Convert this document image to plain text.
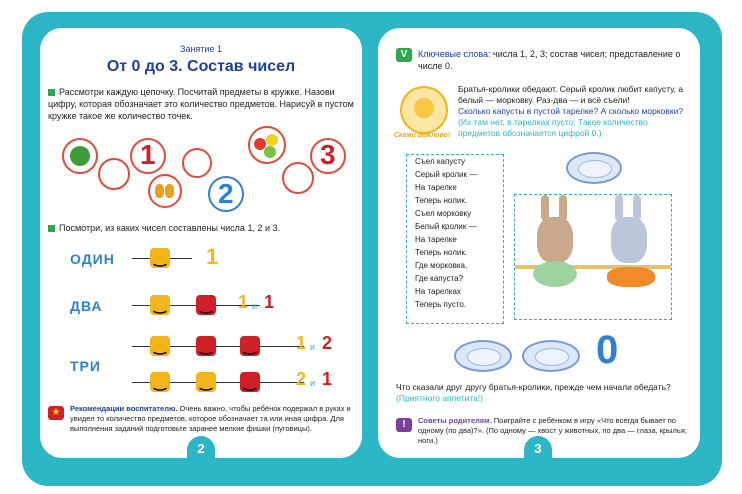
Занятие 1
От 0 до 3. Состав чисел
Рассмотри каждую цепочку. Посчитай предметы в кружке. Назови цифру, которая обозначает это количество предметов. Нарисуй в пустом кружке такое же количество точек.
1
2
3
Посмотри, из каких чисел составлены числа 1, 2 и 3.
ОДИН	‿ 1
ДВА	‿	‿ 1 и 1
ТРИ
‿	‿	‿ 1 и 2
‿	‿	‿ 2 и 1
★	Рекомендации воспитателю. Очень важно, чтобы ребёнок подержал в руках и увидел то количество предметов, которое обозначает та или иная цифра. Для выполнения заданий подготовьте заранее мелкие фишки (пуговицы).
2
V	Ключевые слова: числа 1, 2, 3; состав чисел; представление о числе 0.
Скажи вежливо!
Братья-кролики обедают. Серый кролик любит капусту, а белый — морковку. Раз-два — и всё съели!
Сколько капусты в пустой тарелке? А сколько морковки?
(Их там нет, в тарелках пусто. Такое количество предметов обозначается цифрой 0.)
Съел капусту
Серый кролик —
На тарелке
Теперь нолик.
Съел морковку
Белый кролик —
На тарелке
Теперь нолик.
Где морковка,
Где капуста?
На тарелках
Теперь пусто.
0
Что сказали друг другу братья-кролики, прежде чем начали обедать? (Приятного аппетита!)
!	Советы родителям. Поиграйте с ребёнком в игру «Что всегда бывает по одному (по два)?». (По одному — хвост у животных, по два — глаза, крылья, ноги.)
3
